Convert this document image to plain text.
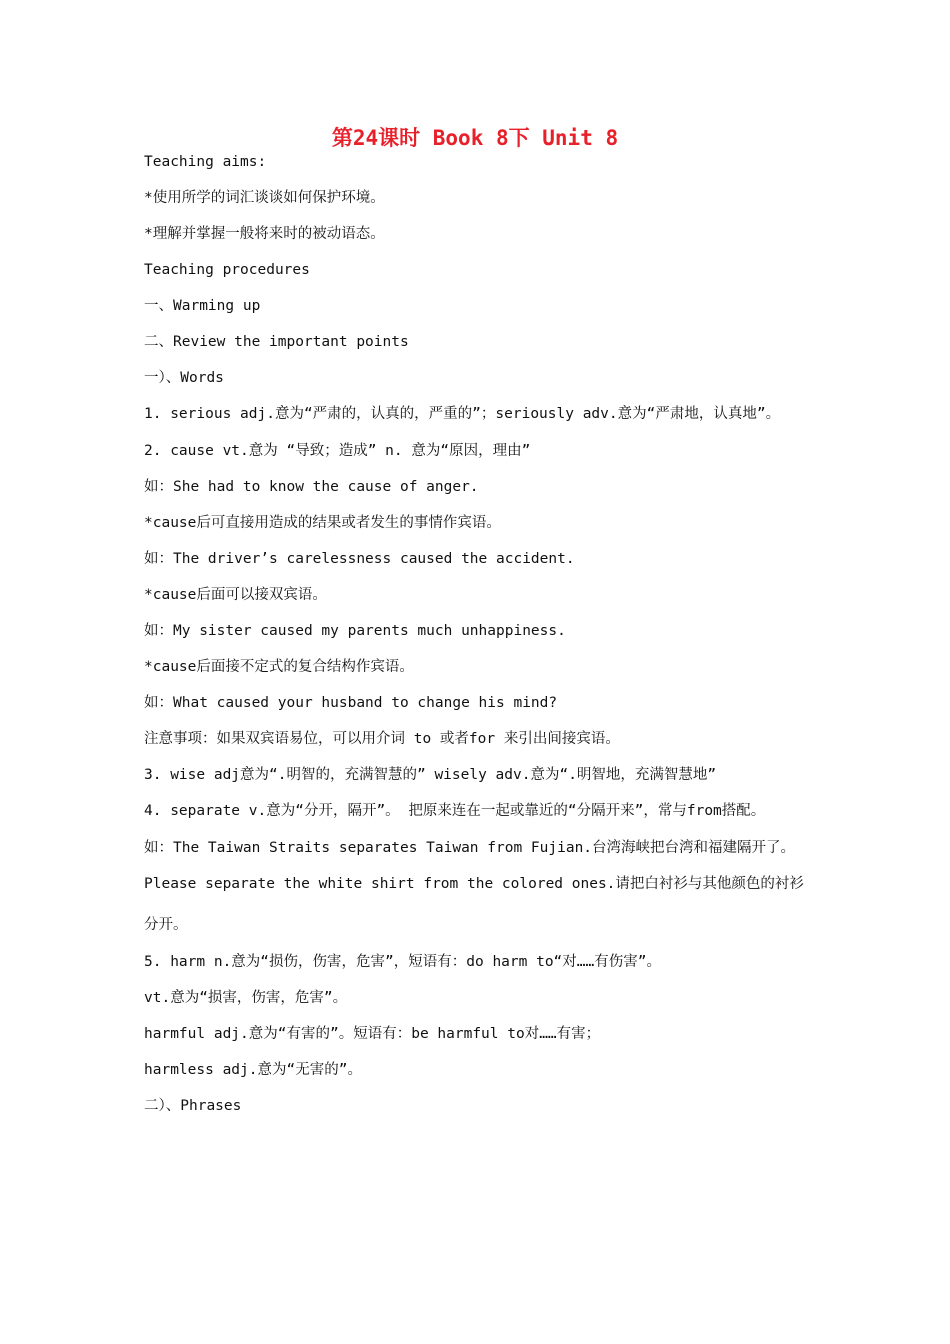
第24课时 Book 8下 Unit 8
Teaching aims:
*使用所学的词汇谈谈如何保护环境。
*理解并掌握一般将来时的被动语态。
Teaching procedures
一、Warming up
二、Review the important points
一）、Words
1. serious adj.意为“严肃的，认真的，严重的”；seriously adv.意为“严肃地，认真地”。
2. cause vt.意为 “导致；造成” n. 意为“原因，理由”
如：She had to know the cause of anger.
*cause后可直接用造成的结果或者发生的事情作宾语。
如：The driver’s carelessness caused the accident.
*cause后面可以接双宾语。
如：My sister caused my parents much unhappiness.
*cause后面接不定式的复合结构作宾语。
如：What caused your husband to change his mind?
注意事项：如果双宾语易位，可以用介词 to 或者for 来引出间接宾语。
3. wise adj意为“.明智的，充满智慧的” wisely adv.意为“.明智地，充满智慧地”
4. separate v.意为“分开，隔开”。 把原来连在一起或靠近的“分隔开来”，常与from搭配。
如：The Taiwan Straits separates Taiwan from Fujian.台湾海峡把台湾和福建隔开了。
Please separate the white shirt from the colored ones.请把白衬衫与其他颜色的衬衫分开。
5. harm n.意为“损伤，伤害，危害”，短语有：do harm to“对……有伤害”。
vt.意为“损害，伤害，危害”。
harmful adj.意为“有害的”。短语有：be harmful to对……有害；
harmless adj.意为“无害的”。
二）、Phrases
